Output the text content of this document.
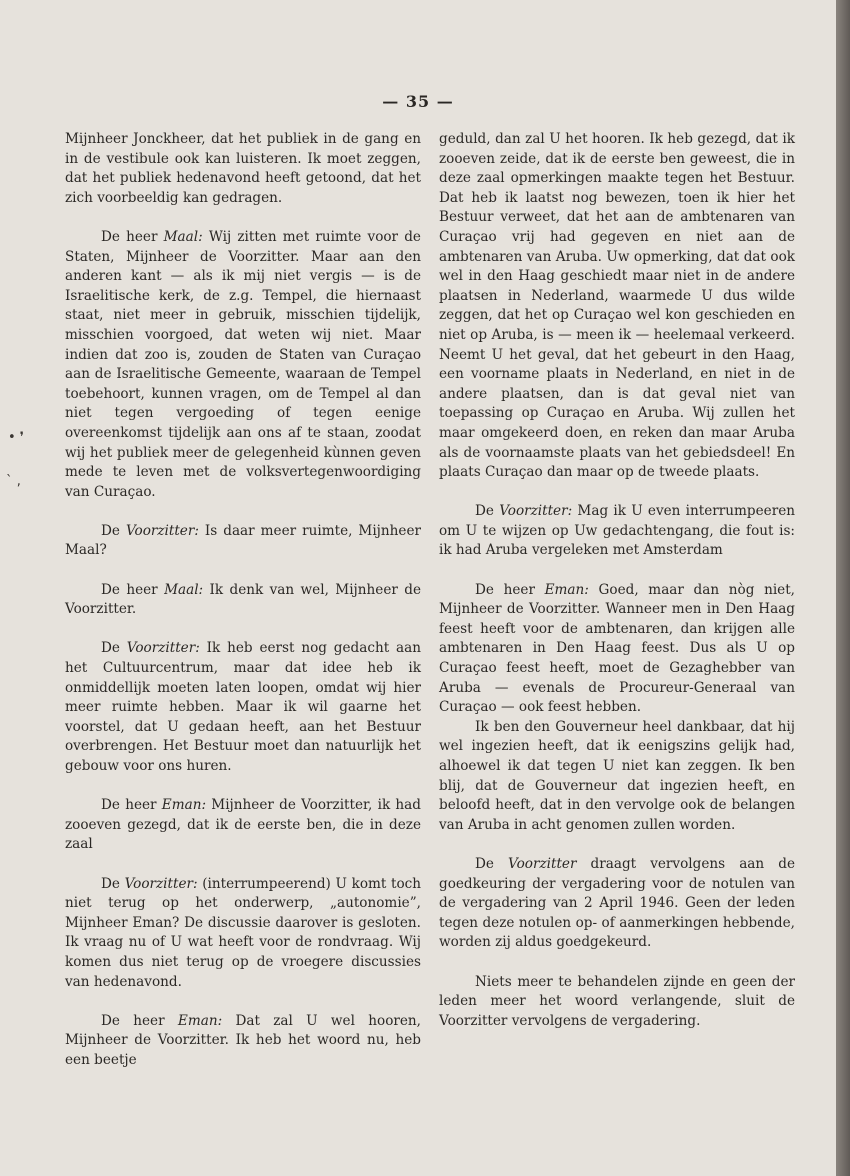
— 35 —

Mijnheer Jonckheer, dat het publiek in de gang en in de vestibule ook kan luisteren. Ik moet zeggen, dat het publiek hedenavond heeft getoond, dat het zich voorbeeldig kan gedragen.

De heer Maal: Wij zitten met ruimte voor de Staten, Mijnheer de Voorzitter. Maar aan den anderen kant — als ik mij niet vergis — is de Israelitische kerk, de z.g. Tempel, die hiernaast staat, niet meer in gebruik, misschien tijdelijk, misschien voorgoed, dat weten wij niet. Maar indien dat zoo is, zouden de Staten van Curaçao aan de Israelitische Gemeente, waaraan de Tempel toebehoort, kunnen vragen, om de Tempel al dan niet tegen vergoeding of tegen eenige overeenkomst tijdelijk aan ons af te staan, zoodat wij het publiek meer de gelegenheid kùnnen geven mede te leven met de volksvertegenwoordiging van Curaçao.

De Voorzitter: Is daar meer ruimte, Mijnheer Maal?

De heer Maal: Ik denk van wel, Mijnheer de Voorzitter.

De Voorzitter: Ik heb eerst nog gedacht aan het Cultuurcentrum, maar dat idee heb ik onmiddellijk moeten laten loopen, omdat wij hier meer ruimte hebben. Maar ik wil gaarne het voorstel, dat U gedaan heeft, aan het Bestuur overbrengen. Het Bestuur moet dan natuurlijk het gebouw voor ons huren.

De heer Eman: Mijnheer de Voorzitter, ik had zooeven gezegd, dat ik de eerste ben, die in deze zaal

De Voorzitter: (interrumpeerend) U komt toch niet terug op het onderwerp, „autonomie”, Mijnheer Eman? De discussie daarover is gesloten. Ik vraag nu of U wat heeft voor de rondvraag. Wij komen dus niet terug op de vroegere discussies van hedenavond.

De heer Eman: Dat zal U wel hooren, Mijnheer de Voorzitter. Ik heb het woord nu, heb een beetje

geduld, dan zal U het hooren. Ik heb gezegd, dat ik zooeven zeide, dat ik de eerste ben geweest, die in deze zaal opmerkingen maakte tegen het Bestuur. Dat heb ik laatst nog bewezen, toen ik hier het Bestuur verweet, dat het aan de ambtenaren van Curaçao vrij had gegeven en niet aan de ambtenaren van Aruba. Uw opmerking, dat dat ook wel in den Haag geschiedt maar niet in de andere plaatsen in Nederland, waarmede U dus wilde zeggen, dat het op Curaçao wel kon geschieden en niet op Aruba, is — meen ik — heelemaal verkeerd. Neemt U het geval, dat het gebeurt in den Haag, een voorname plaats in Nederland, en niet in de andere plaatsen, dan is dat geval niet van toepassing op Curaçao en Aruba. Wij zullen het maar omgekeerd doen, en reken dan maar Aruba als de voornaamste plaats van het gebiedsdeel! En plaats Curaçao dan maar op de tweede plaats.

De Voorzitter: Mag ik U even interrumpeeren om U te wijzen op Uw gedachtengang, die fout is: ik had Aruba vergeleken met Amsterdam

De heer Eman: Goed, maar dan nòg niet, Mijnheer de Voorzitter. Wanneer men in Den Haag feest heeft voor de ambtenaren, dan krijgen alle ambtenaren in Den Haag feest. Dus als U op Curaçao feest heeft, moet de Gezaghebber van Aruba — evenals de Procureur-Generaal van Curaçao — ook feest hebben.

Ik ben den Gouverneur heel dankbaar, dat hij wel ingezien heeft, dat ik eenigszins gelijk had, alhoewel ik dat tegen U niet kan zeggen. Ik ben blij, dat de Gouverneur dat ingezien heeft, en beloofd heeft, dat in den vervolge ook de belangen van Aruba in acht genomen zullen worden.

De Voorzitter draagt vervolgens aan de goedkeuring der vergadering voor de notulen van de vergadering van 2 April 1946. Geen der leden tegen deze notulen op- of aanmerkingen hebbende, worden zij aldus goedgekeurd.

Niets meer te behandelen zijnde en geen der leden meer het woord verlangende, sluit de Voorzitter vervolgens de vergadering.

• ❜
` ‚
